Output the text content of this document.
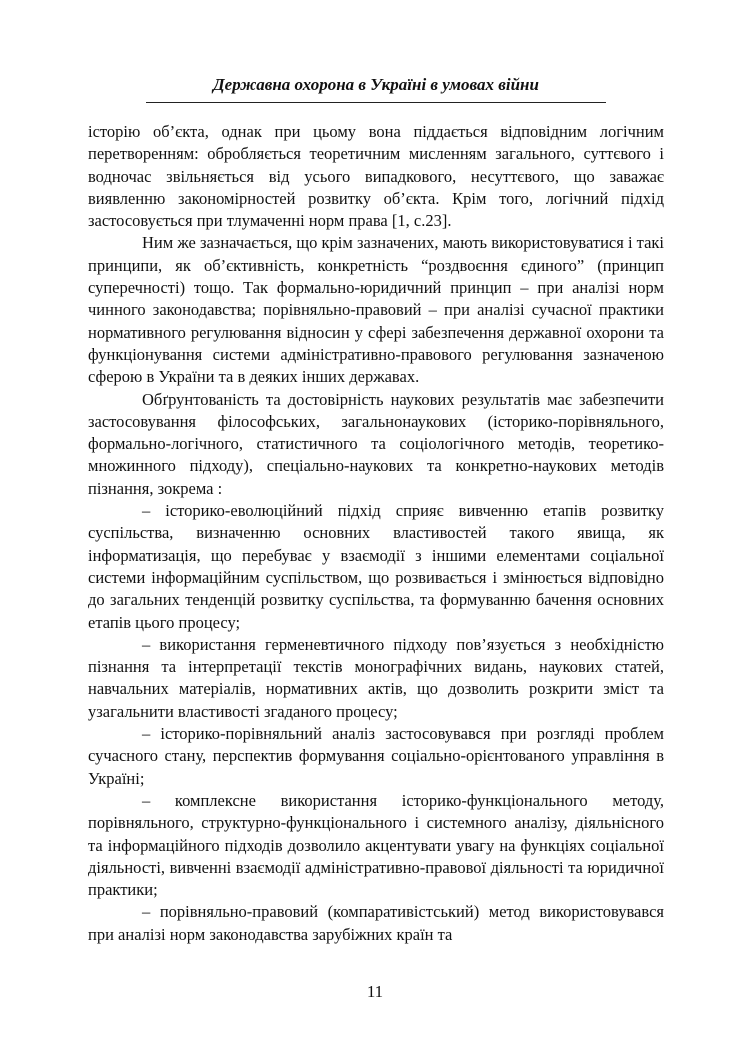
Державна охорона в Україні в умовах війни

історію об’єкта, однак при цьому вона піддається відповідним логічним перетворенням: обробляється теоретичним мисленням загального, суттєвого і водночас звільняється від усього випадкового, несуттєвого, що заважає виявленню закономірностей розвитку об’єкта. Крім того, логічний підхід застосовується при тлумаченні норм права [1, с.23].

Ним же зазначається, що крім зазначених, мають використовуватися і такі принципи, як об’єктивність, конкретність “роздвоєння єдиного” (принцип суперечності) тощо. Так формально-юридичний принцип – при аналізі норм чинного законодавства; порівняльно-правовий – при аналізі сучасної практики нормативного регулювання відносин у сфері забезпечення державної охорони та функціонування системи адміністративно-правового регулювання зазначеною сферою в України та в деяких інших державах.

Обґрунтованість та достовірність наукових результатів має забезпечити застосовування філософських, загальнонаукових (історико-порівняльного, формально-логічного, статистичного та соціологічного методів, теоретико-множинного підходу), спеціально-наукових та конкретно-наукових методів пізнання, зокрема :

– історико-еволюційний підхід сприяє вивченню етапів розвитку суспільства, визначенню основних властивостей такого явища, як інформатизація, що перебуває у взаємодії з іншими елементами соціальної системи інформаційним суспільством, що розвивається і змінюється відповідно до загальних тенденцій розвитку суспільства, та формуванню бачення основних етапів цього процесу;

– використання герменевтичного підходу пов’язується з необхідністю пізнання та інтерпретації текстів монографічних видань, наукових статей, навчальних матеріалів, нормативних актів, що дозволить розкрити зміст та узагальнити властивості згаданого процесу;

– історико-порівняльний аналіз застосовувався при розгляді проблем сучасного стану, перспектив формування соціально-орієнтованого управління в Україні;

– комплексне використання історико-функціонального методу, порівняльного, структурно-функціонального і системного аналізу, діяльнісного та інформаційного підходів дозволило акцентувати увагу на функціях соціальної діяльності, вивченні взаємодії адміністративно-правової діяльності та юридичної практики;

– порівняльно-правовий (компаративістський) метод використовувався при аналізі норм законодавства зарубіжних країн та

11
